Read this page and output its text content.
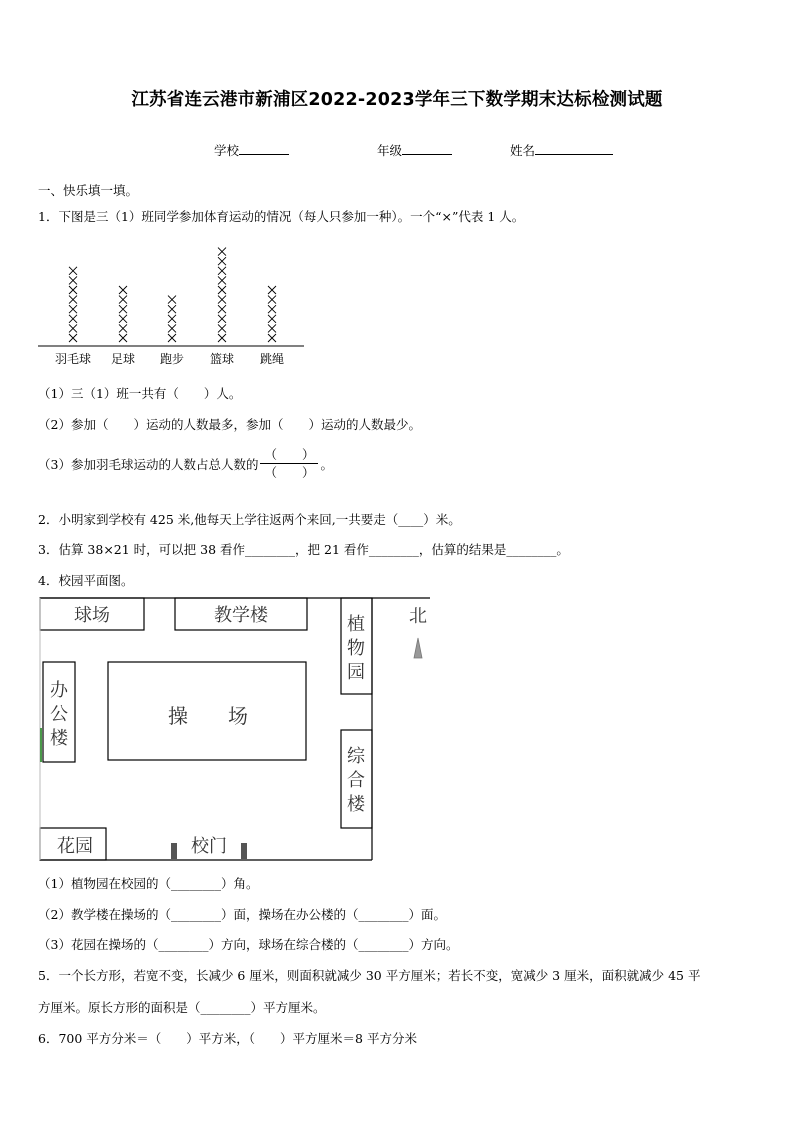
江苏省连云港市新浦区2022-2023学年三下数学期末达标检测试题
学校	年级	姓名
一、快乐填一填。
1．下图是三（1）班同学参加体育运动的情况（每人只参加一种）。一个“×”代表 1 人。
羽毛球 足球 跑步 篮球 跳绳
（1）三（1）班一共有（　　）人。
（2）参加（　　）运动的人数最多，参加（　　）运动的人数最少。
（3）参加羽毛球运动的人数占总人数的 $\frac{( )}{( )}$ 。
2．小明家到学校有 425 米,他每天上学往返两个来回,一共要走（____）米。
3．估算 38×21 时，可以把 38 看作________，把 21 看作________，估算的结果是________。
4．校园平面图。
球场	教学楼	植
物
园
北
办
公
楼
操　　场
综
合
楼
花园	校门
（1）植物园在校园的（________）角。
（2）教学楼在操场的（________）面，操场在办公楼的（________）面。
（3）花园在操场的（________）方向，球场在综合楼的（________）方向。
5．一个长方形，若宽不变，长减少 6 厘米，则面积就减少 30 平方厘米；若长不变，宽减少 3 厘米，面积就减少 45 平
方厘米。原长方形的面积是（________）平方厘米。
6．700 平方分米＝（　　）平方米，（　　）平方厘米＝8 平方分米
